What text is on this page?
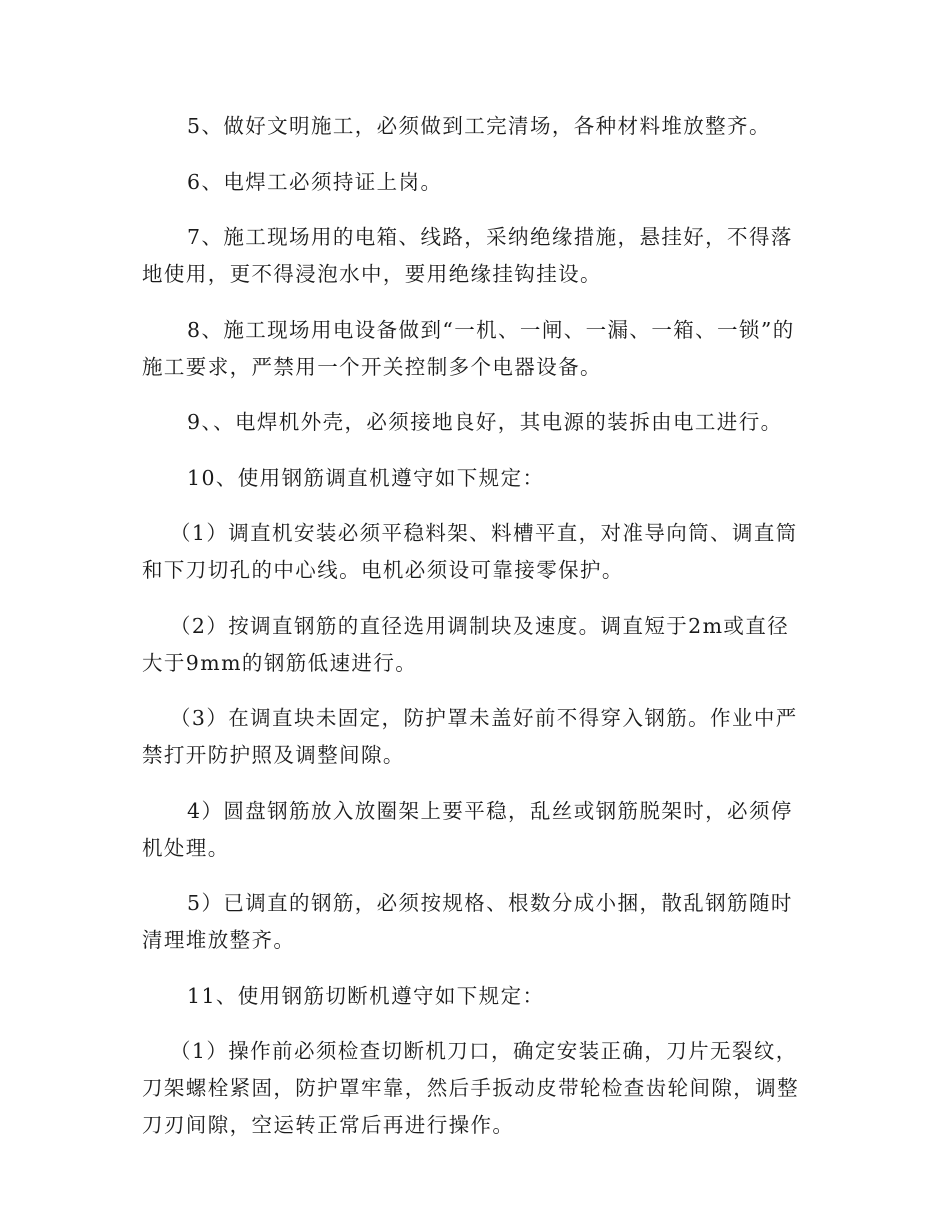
5、做好文明施工，必须做到工完清场，各种材料堆放整齐。

6、电焊工必须持证上岗。

7、施工现场用的电箱、线路，采纳绝缘措施，悬挂好，不得落地使用，更不得浸泡水中，要用绝缘挂钩挂设。

8、施工现场用电设备做到“一机、一闸、一漏、一箱、一锁”的施工要求，严禁用一个开关控制多个电器设备。

9、、电焊机外壳，必须接地良好，其电源的装拆由电工进行。

10、使用钢筋调直机遵守如下规定：

（1）调直机安装必须平稳料架、料槽平直，对准导向筒、调直筒和下刀切孔的中心线。电机必须设可靠接零保护。

（2）按调直钢筋的直径选用调制块及速度。调直短于2m或直径大于9mm的钢筋低速进行。

（3）在调直块未固定，防护罩未盖好前不得穿入钢筋。作业中严禁打开防护照及调整间隙。

4）圆盘钢筋放入放圈架上要平稳，乱丝或钢筋脱架时，必须停机处理。

5）已调直的钢筋，必须按规格、根数分成小捆，散乱钢筋随时清理堆放整齐。

11、使用钢筋切断机遵守如下规定：

（1）操作前必须检查切断机刀口，确定安装正确，刀片无裂纹，刀架螺栓紧固，防护罩牢靠，然后手扳动皮带轮检查齿轮间隙，调整刀刃间隙，空运转正常后再进行操作。
